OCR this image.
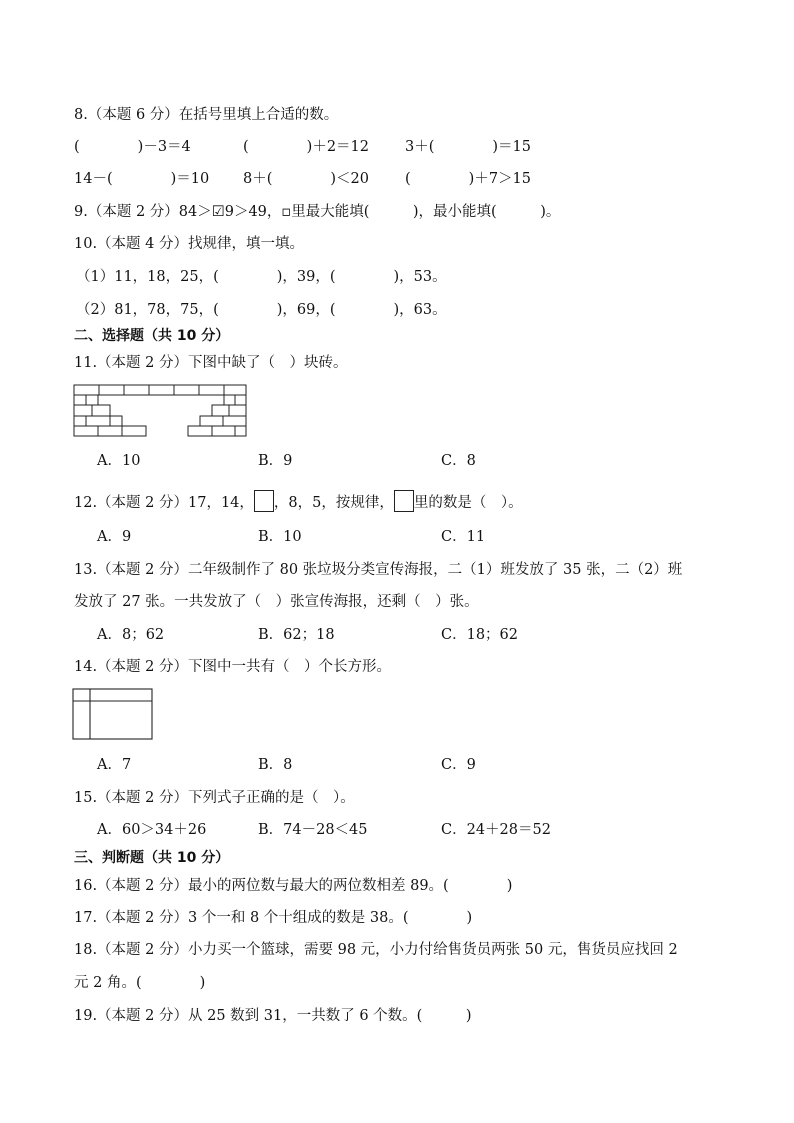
8.（本题 6 分）在括号里填上合适的数。
(　　　　)－3＝4	(　　　　)＋2＝12 3＋(　　　　)＝15
14－(　　　　)＝10 8＋(　　　　)＜20 (　　　　)＋7＞15
9.（本题 2 分）84＞☑9＞49，▫里最大能填(　　　)，最小能填(　　　)。
10.（本题 4 分）找规律，填一填。
（1）11，18，25，(　　　　)，39，(　　　　)，53。
（2）81，78，75，(　　　　)，69，(　　　　)，63。
二、选择题（共 10 分）
11.（本题 2 分）下图中缺了（　）块砖。
A．10	B．9	C．8
12.（本题 2 分）17，14， ，8，5，按规律， 里的数是（　）。
A．9	B．10	C．11
13.（本题 2 分）二年级制作了 80 张垃圾分类宣传海报，二（1）班发放了 35 张，二（2）班
发放了 27 张。一共发放了（　）张宣传海报，还剩（　）张。
A．8；62	B．62；18	C．18；62
14.（本题 2 分）下图中一共有（　）个长方形。
A．7	B．8	C．9
15.（本题 2 分）下列式子正确的是（　）。
A．60＞34＋26	B．74－28＜45	C．24＋28＝52
三、判断题（共 10 分）
16.（本题 2 分）最小的两位数与最大的两位数相差 89。(　　　　)
17.（本题 2 分）3 个一和 8 个十组成的数是 38。(　　　　)
18.（本题 2 分）小力买一个篮球，需要 98 元，小力付给售货员两张 50 元，售货员应找回 2
元 2 角。(　　　　)
19.（本题 2 分）从 25 数到 31，一共数了 6 个数。(　　　)
